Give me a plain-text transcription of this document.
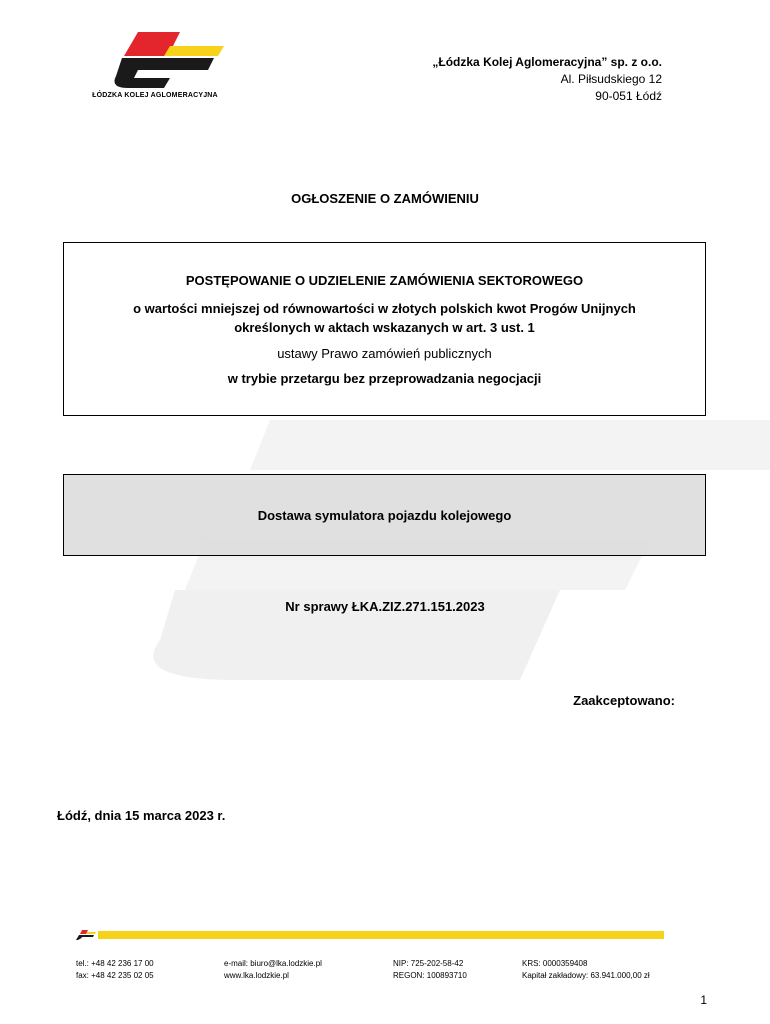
ŁÓDZKA KOLEJ AGLOMERACYJNA
„Łódzka Kolej Aglomeracyjna” sp. z o.o.
Al. Piłsudskiego 12
90-051 Łódź
OGŁOSZENIE O ZAMÓWIENIU
POSTĘPOWANIE O UDZIELENIE ZAMÓWIENIA SEKTOROWEGO
o wartości mniejszej od równowartości w złotych polskich kwot Progów Unijnych
określonych w aktach wskazanych w art. 3 ust. 1
ustawy Prawo zamówień publicznych
w trybie przetargu bez przeprowadzania negocjacji
Dostawa symulatora pojazdu kolejowego
Nr sprawy ŁKA.ZIZ.271.151.2023
Zaakceptowano:
Łódź, dnia 15 marca 2023 r.
tel.: +48 42 236 17 00
fax: +48 42 235 02 05
e-mail: biuro@lka.lodzkie.pl
www.lka.lodzkie.pl
NIP: 725-202-58-42
REGON: 100893710
KRS: 0000359408
Kapitał zakładowy: 63.941.000,00 zł
1
